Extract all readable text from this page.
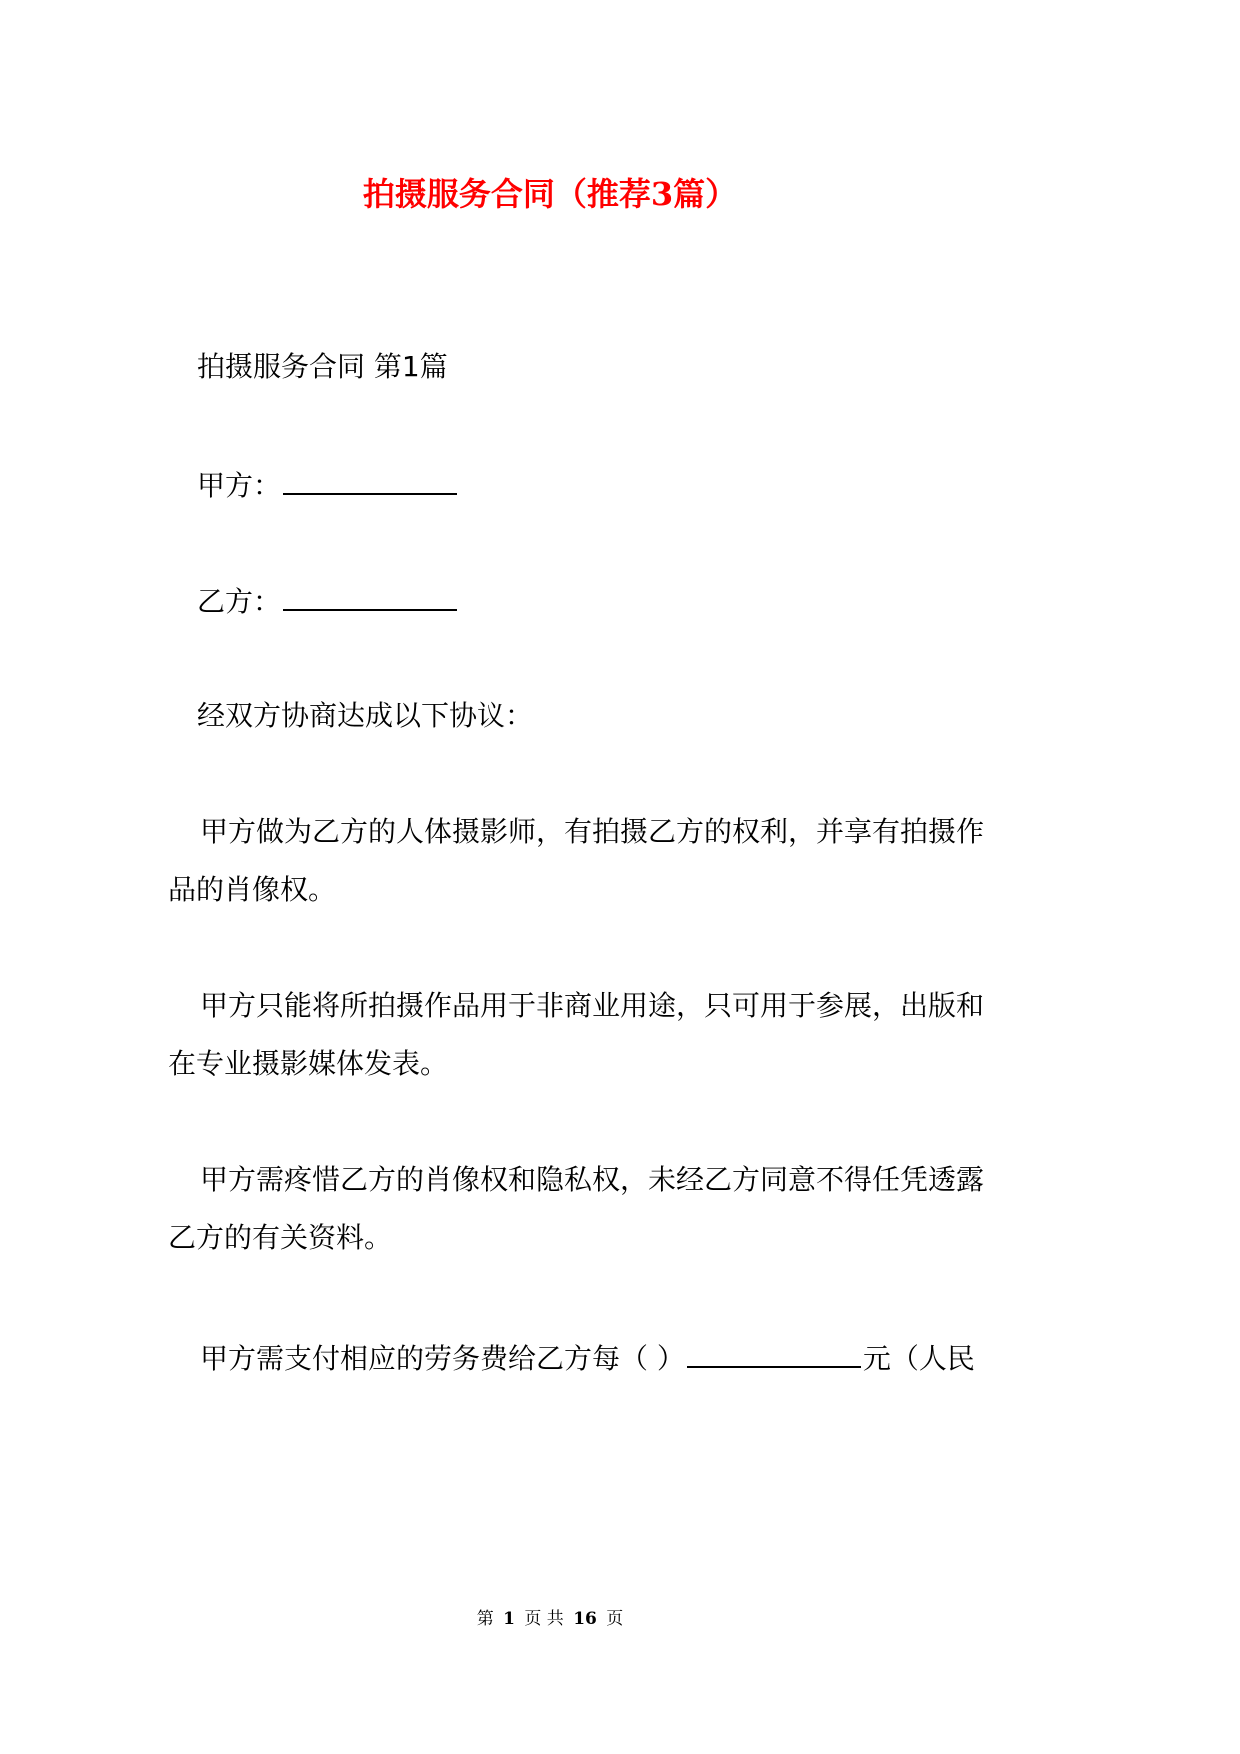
拍摄服务合同（推荐3篇）
拍摄服务合同 第1篇
甲方：
乙方：
经双方协商达成以下协议：
甲方做为乙方的人体摄影师，有拍摄乙方的权利，并享有拍摄作
品的肖像权。
甲方只能将所拍摄作品用于非商业用途，只可用于参展，出版和
在专业摄影媒体发表。
甲方需疼惜乙方的肖像权和隐私权，未经乙方同意不得任凭透露
乙方的有关资料。
甲方需支付相应的劳务费给乙方每（ ）	元（人民
第 1 页 共 16 页
